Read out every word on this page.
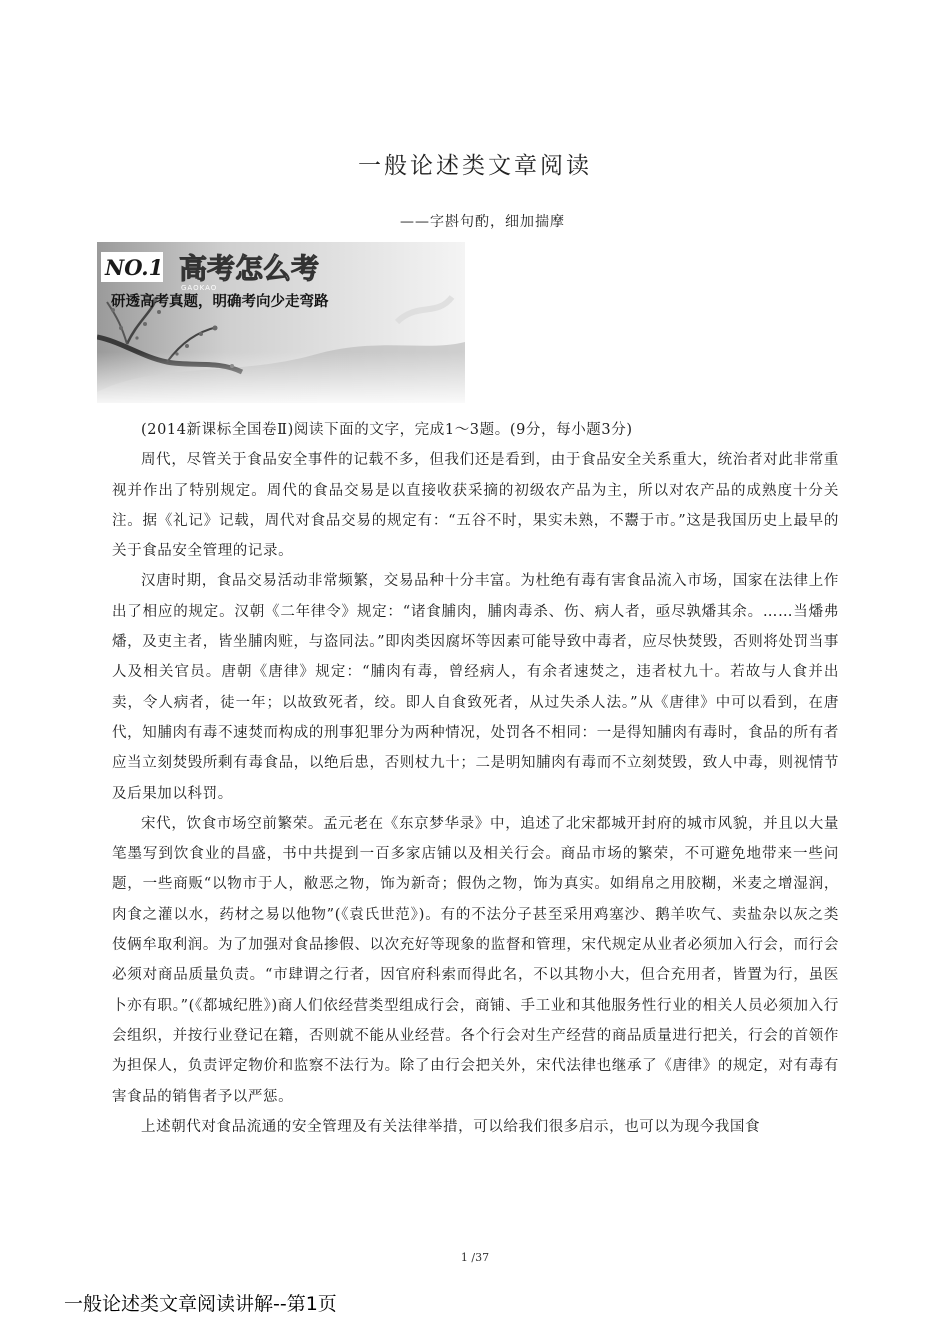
一般论述类文章阅读
——字斟句酌，细加揣摩
NO.1 高考怎么考
GAOKAO
研透高考真题，明确考向少走弯路

(2014新课标全国卷Ⅱ)阅读下面的文字，完成1～3题。(9分，每小题3分)

周代，尽管关于食品安全事件的记载不多，但我们还是看到，由于食品安全关系重大，统治者对此非常重视并作出了特别规定。周代的食品交易是以直接收获采摘的初级农产品为主，所以对农产品的成熟度十分关注。据《礼记》记载，周代对食品交易的规定有：“五谷不时，果实未熟，不鬻于市。”这是我国历史上最早的关于食品安全管理的记录。

汉唐时期，食品交易活动非常频繁，交易品种十分丰富。为杜绝有毒有害食品流入市场，国家在法律上作出了相应的规定。汉朝《二年律令》规定：“诸食脯肉，脯肉毒杀、伤、病人者，亟尽孰燔其余。……当燔弗燔，及吏主者，皆坐脯肉赃，与盗同法。”即肉类因腐坏等因素可能导致中毒者，应尽快焚毁，否则将处罚当事人及相关官员。唐朝《唐律》规定：“脯肉有毒，曾经病人，有余者速焚之，违者杖九十。若故与人食并出卖，令人病者，徒一年；以故致死者，绞。即人自食致死者，从过失杀人法。”从《唐律》中可以看到，在唐代，知脯肉有毒不速焚而构成的刑事犯罪分为两种情况，处罚各不相同：一是得知脯肉有毒时，食品的所有者应当立刻焚毁所剩有毒食品，以绝后患，否则杖九十；二是明知脯肉有毒而不立刻焚毁，致人中毒，则视情节及后果加以科罚。

宋代，饮食市场空前繁荣。孟元老在《东京梦华录》中，追述了北宋都城开封府的城市风貌，并且以大量笔墨写到饮食业的昌盛，书中共提到一百多家店铺以及相关行会。商品市场的繁荣，不可避免地带来一些问题，一些商贩“以物市于人，敝恶之物，饰为新奇；假伪之物，饰为真实。如绢帛之用胶糊，米麦之增湿润，肉食之灌以水，药材之易以他物”(《袁氏世范》)。有的不法分子甚至采用鸡塞沙、鹅羊吹气、卖盐杂以灰之类伎俩牟取利润。为了加强对食品掺假、以次充好等现象的监督和管理，宋代规定从业者必须加入行会，而行会必须对商品质量负责。“市肆谓之行者，因官府科索而得此名，不以其物小大，但合充用者，皆置为行，虽医卜亦有职。”(《都城纪胜》)商人们依经营类型组成行会，商铺、手工业和其他服务性行业的相关人员必须加入行会组织，并按行业登记在籍，否则就不能从业经营。各个行会对生产经营的商品质量进行把关，行会的首领作为担保人，负责评定物价和监察不法行为。除了由行会把关外，宋代法律也继承了《唐律》的规定，对有毒有害食品的销售者予以严惩。

上述朝代对食品流通的安全管理及有关法律举措，可以给我们很多启示，也可以为现今我国食

1 /37
一般论述类文章阅读讲解--第1页
